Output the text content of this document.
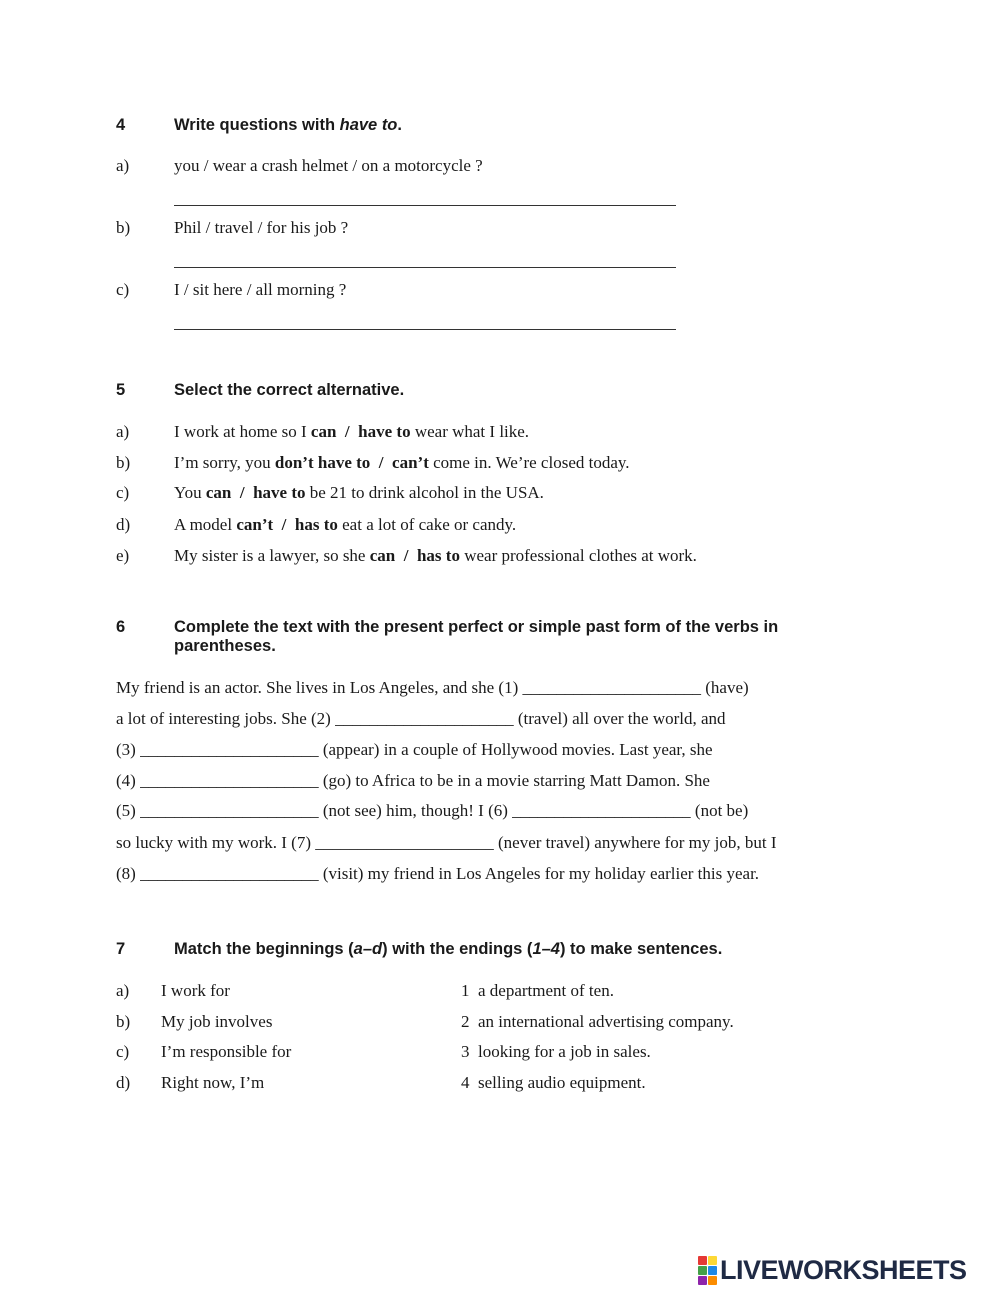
4	Write questions with have to.
a)	you / wear a crash helmet / on a motorcycle ?
b)	Phil / travel / for his job ?
c)	I / sit here / all morning ?
5	Select the correct alternative.
a)	I work at home so I can / have to wear what I like.
b)	I’m sorry, you don’t have to / can’t come in. We’re closed today.
c)	You can / have to be 21 to drink alcohol in the USA.
d)	A model can’t / has to eat a lot of cake or candy.
e)	My sister is a lawyer, so she can / has to wear professional clothes at work.
6	Complete the text with the present perfect or simple past form of the verbs in parentheses.
My friend is an actor. She lives in Los Angeles, and she (1) _____________________ (have)
a lot of interesting jobs. She (2) _____________________ (travel) all over the world, and
(3) _____________________ (appear) in a couple of Hollywood movies. Last year, she
(4) _____________________ (go) to Africa to be in a movie starring Matt Damon. She
(5) _____________________ (not see) him, though! I (6) _____________________ (not be)
so lucky with my work. I (7) _____________________ (never travel) anywhere for my job, but I
(8) _____________________ (visit) my friend in Los Angeles for my holiday earlier this year.
7	Match the beginnings (a–d) with the endings (1–4) to make sentences.
a) I work for	1 a department of ten.
b) My job involves	2 an international advertising company.
c) I’m responsible for	3 looking for a job in sales.
d) Right now, I’m	4 selling audio equipment.
LIVEWORKSHEETS
